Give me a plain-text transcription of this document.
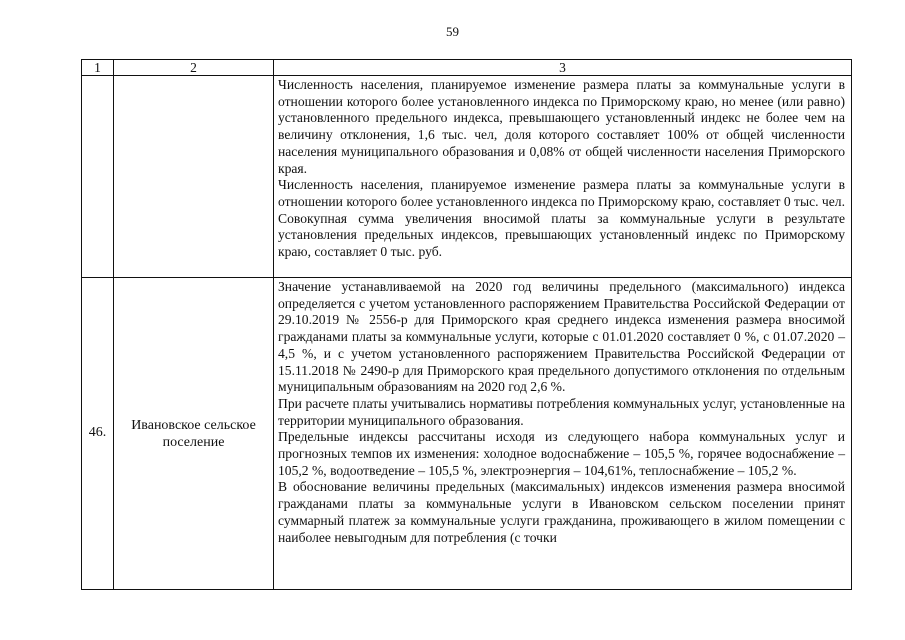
59
1	2	3

		Численность населения, планируемое изменение размера платы за коммунальные услуги в отношении которого более установленного индекса по Приморскому краю, но менее (или равно) установленного предельного индекса, превышающего установленный индекс не более чем на величину отклонения, 1,6 тыс. чел, доля которого составляет 100% от общей численности населения муниципального образования и 0,08% от общей численности населения Приморского края.

Численность населения, планируемое изменение размера платы за коммунальные услуги в отношении которого более установленного индекса по Приморскому краю, составляет 0 тыс. чел. Совокупная сумма увеличения вносимой платы за коммунальные услуги в результате установления предельных индексов, превышающих установленный индекс по Приморскому краю, составляет 0 тыс. руб.

46.	Ивановское сельское поселение	Значение устанавливаемой на 2020 год величины предельного (максимального) индекса определяется с учетом установленного распоряжением Правительства Российской Федерации от 29.10.2019 № 2556-р для Приморского края среднего индекса изменения размера вносимой гражданами платы за коммунальные услуги, которые с 01.01.2020 составляет 0 %, с 01.07.2020 – 4,5 %, и с учетом установленного распоряжением Правительства Российской Федерации от 15.11.2018 № 2490-р для Приморского края предельного допустимого отклонения по отдельным муниципальным образованиям на 2020 год 2,6 %.

При расчете платы учитывались нормативы потребления коммунальных услуг, установленные на территории муниципального образования.

Предельные индексы рассчитаны исходя из следующего набора коммунальных услуг и прогнозных темпов их изменения: холодное водоснабжение – 105,5 %, горячее водоснабжение – 105,2 %, водоотведение – 105,5 %, электроэнергия – 104,61%, теплоснабжение – 105,2 %.

В обоснование величины предельных (максимальных) индексов изменения размера вносимой гражданами платы за коммунальные услуги в Ивановском сельском поселении принят суммарный платеж за коммунальные услуги гражданина, проживающего в жилом помещении с наиболее невыгодным для потребления (с точки
